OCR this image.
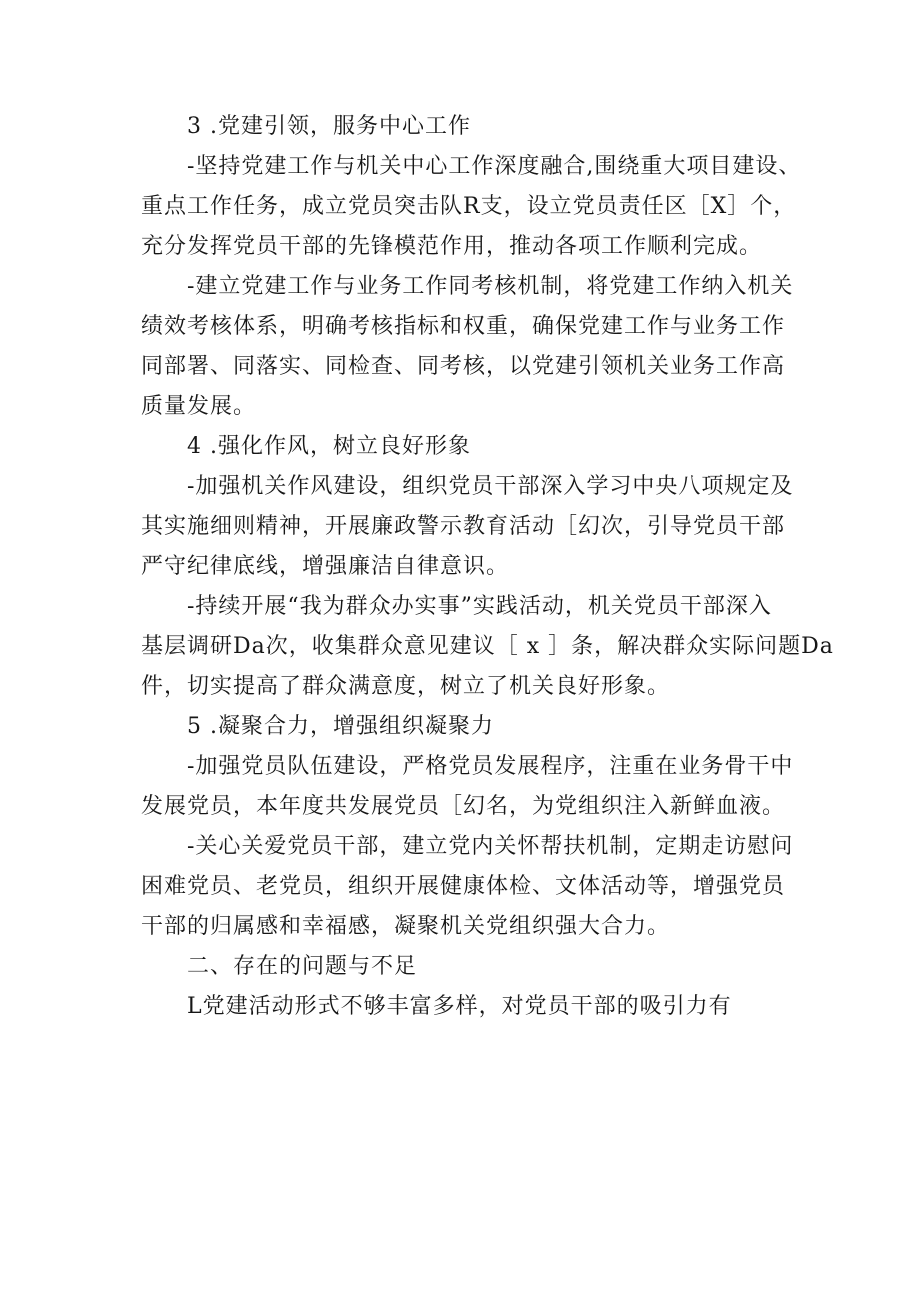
3 .党建引领，服务中心工作
-坚持党建工作与机关中心工作深度融合,围绕重大项目建设、
重点工作任务，成立党员突击队R支，设立党员责任区［X］个，
充分发挥党员干部的先锋模范作用，推动各项工作顺利完成。
-建立党建工作与业务工作同考核机制，将党建工作纳入机关
绩效考核体系，明确考核指标和权重，确保党建工作与业务工作
同部署、同落实、同检查、同考核，以党建引领机关业务工作高
质量发展。
4 .强化作风，树立良好形象
-加强机关作风建设，组织党员干部深入学习中央八项规定及
其实施细则精神，开展廉政警示教育活动［幻次，引导党员干部
严守纪律底线，增强廉洁自律意识。
-持续开展“我为群众办实事”实践活动，机关党员干部深入
基层调研Da次，收集群众意见建议［ x ］条，解决群众实际问题Da
件，切实提高了群众满意度，树立了机关良好形象。
5 .凝聚合力，增强组织凝聚力
-加强党员队伍建设，严格党员发展程序，注重在业务骨干中
发展党员，本年度共发展党员［幻名，为党组织注入新鲜血液。
-关心关爱党员干部，建立党内关怀帮扶机制，定期走访慰问
困难党员、老党员，组织开展健康体检、文体活动等，增强党员
干部的归属感和幸福感，凝聚机关党组织强大合力。
二、存在的问题与不足
L党建活动形式不够丰富多样，对党员干部的吸引力有
